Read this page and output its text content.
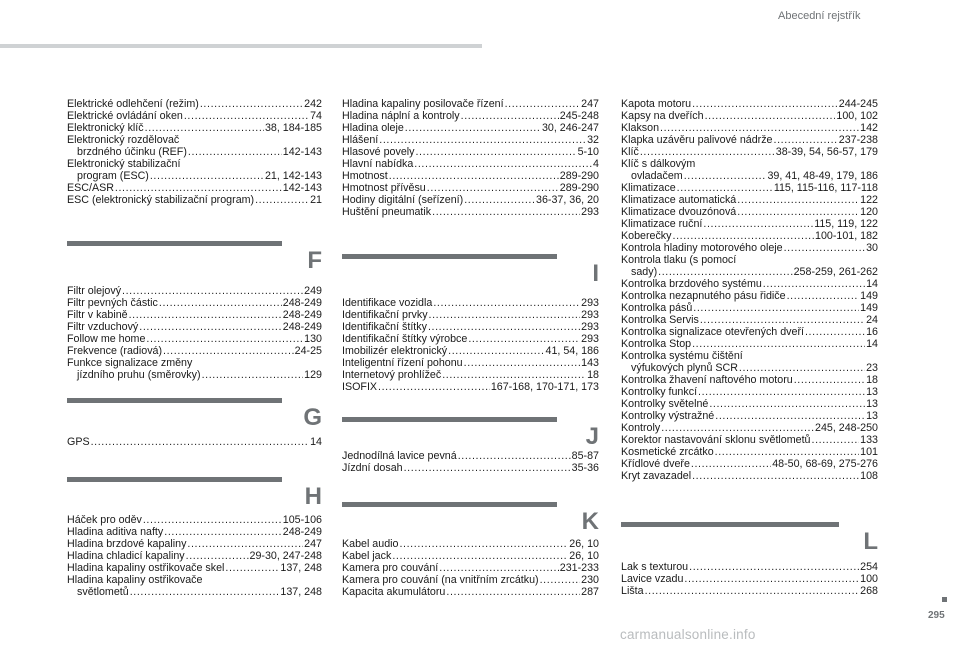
Abecední rejstřík
Elektrické odlehčení (režim) .....	242
Elektrické ovládání oken .....	74
Elektronický klíč .....	38, 184-185
Elektronický rozdělovač
brzdného účinku (REF) .....	142-143
Elektronický stabilizační
program (ESC) .....	21, 142-143
ESC/ASR .....	142-143
ESC (elektronický stabilizační program) .....	21
F
Filtr olejový .....	249
Filtr pevných částic .....	248-249
Filtr v kabině .....	248-249
Filtr vzduchový .....	248-249
Follow me home .....	130
Frekvence (radiová) .....	24-25
Funkce signalizace změny
jízdního pruhu (směrovky) .....	129
G
GPS .....	14
H
Háček pro oděv .....	105-106
Hladina aditiva nafty .....	248-249
Hladina brzdové kapaliny .....	247
Hladina chladicí kapaliny .....	29-30, 247-248
Hladina kapaliny ostřikovače skel .....	137, 248
Hladina kapaliny ostřikovače
světlometů .....	137, 248
Hladina kapaliny posilovače řízení .....	247
Hladina náplní a kontroly .....	245-248
Hladina oleje .....	30, 246-247
Hlášení .....	32
Hlasové povely .....	5-10
Hlavní nabídka .....	4
Hmotnost .....	289-290
Hmotnost přívěsu .....	289-290
Hodiny digitální (seřízení) .....	36-37, 36, 20
Huštění pneumatik .....	293
I
Identifikace vozidla .....	293
Identifikační prvky .....	293
Identifikační štítky .....	293
Identifikační štítky výrobce .....	293
Imobilizér elektronický .....	41, 54, 186
Inteligentní řízení pohonu .....	143
Internetový prohlížeč .....	18
ISOFIX .....	167-168, 170-171, 173
J
Jednodílná lavice pevná .....	85-87
Jízdní dosah .....	35-36
K
Kabel audio .....	26, 10
Kabel jack .....	26, 10
Kamera pro couvání .....	231-233
Kamera pro couvání (na vnitřním zrcátku) .....	230
Kapacita akumulátoru .....	287
Kapota motoru .....	244-245
Kapsy na dveřích .....	100, 102
Klakson .....	142
Klapka uzávěru palivové nádrže .....	237-238
Klíč .....	38-39, 54, 56-57, 179
Klíč s dálkovým
ovladačem .....	39, 41, 48-49, 179, 186
Klimatizace .....	115, 115-116, 117-118
Klimatizace automatická .....	122
Klimatizace dvouzónová .....	120
Klimatizace ruční .....	115, 119, 122
Koberečky .....	100-101, 182
Kontrola hladiny motorového oleje .....	30
Kontrola tlaku (s pomocí
sady) .....	258-259, 261-262
Kontrolka brzdového systému .....	14
Kontrolka nezapnutého pásu řidiče .....	149
Kontrolka pásů .....	149
Kontrolka Servis .....	24
Kontrolka signalizace otevřených dveří .....	16
Kontrolka Stop .....	14
Kontrolka systému čištění
výfukových plynů SCR .....	23
Kontrolka žhavení naftového motoru .....	18
Kontrolky funkcí .....	13
Kontrolky světelné .....	13
Kontrolky výstražné .....	13
Kontroly .....	245, 248-250
Korektor nastavování sklonu světlometů .....	133
Kosmetické zrcátko .....	101
Křídlové dveře .....	48-50, 68-69, 275-276
Kryt zavazadel .....	108
L
Lak s texturou .....	254
Lavice vzadu .....	100
Lišta .....	268
295
carmanualsonline.info
